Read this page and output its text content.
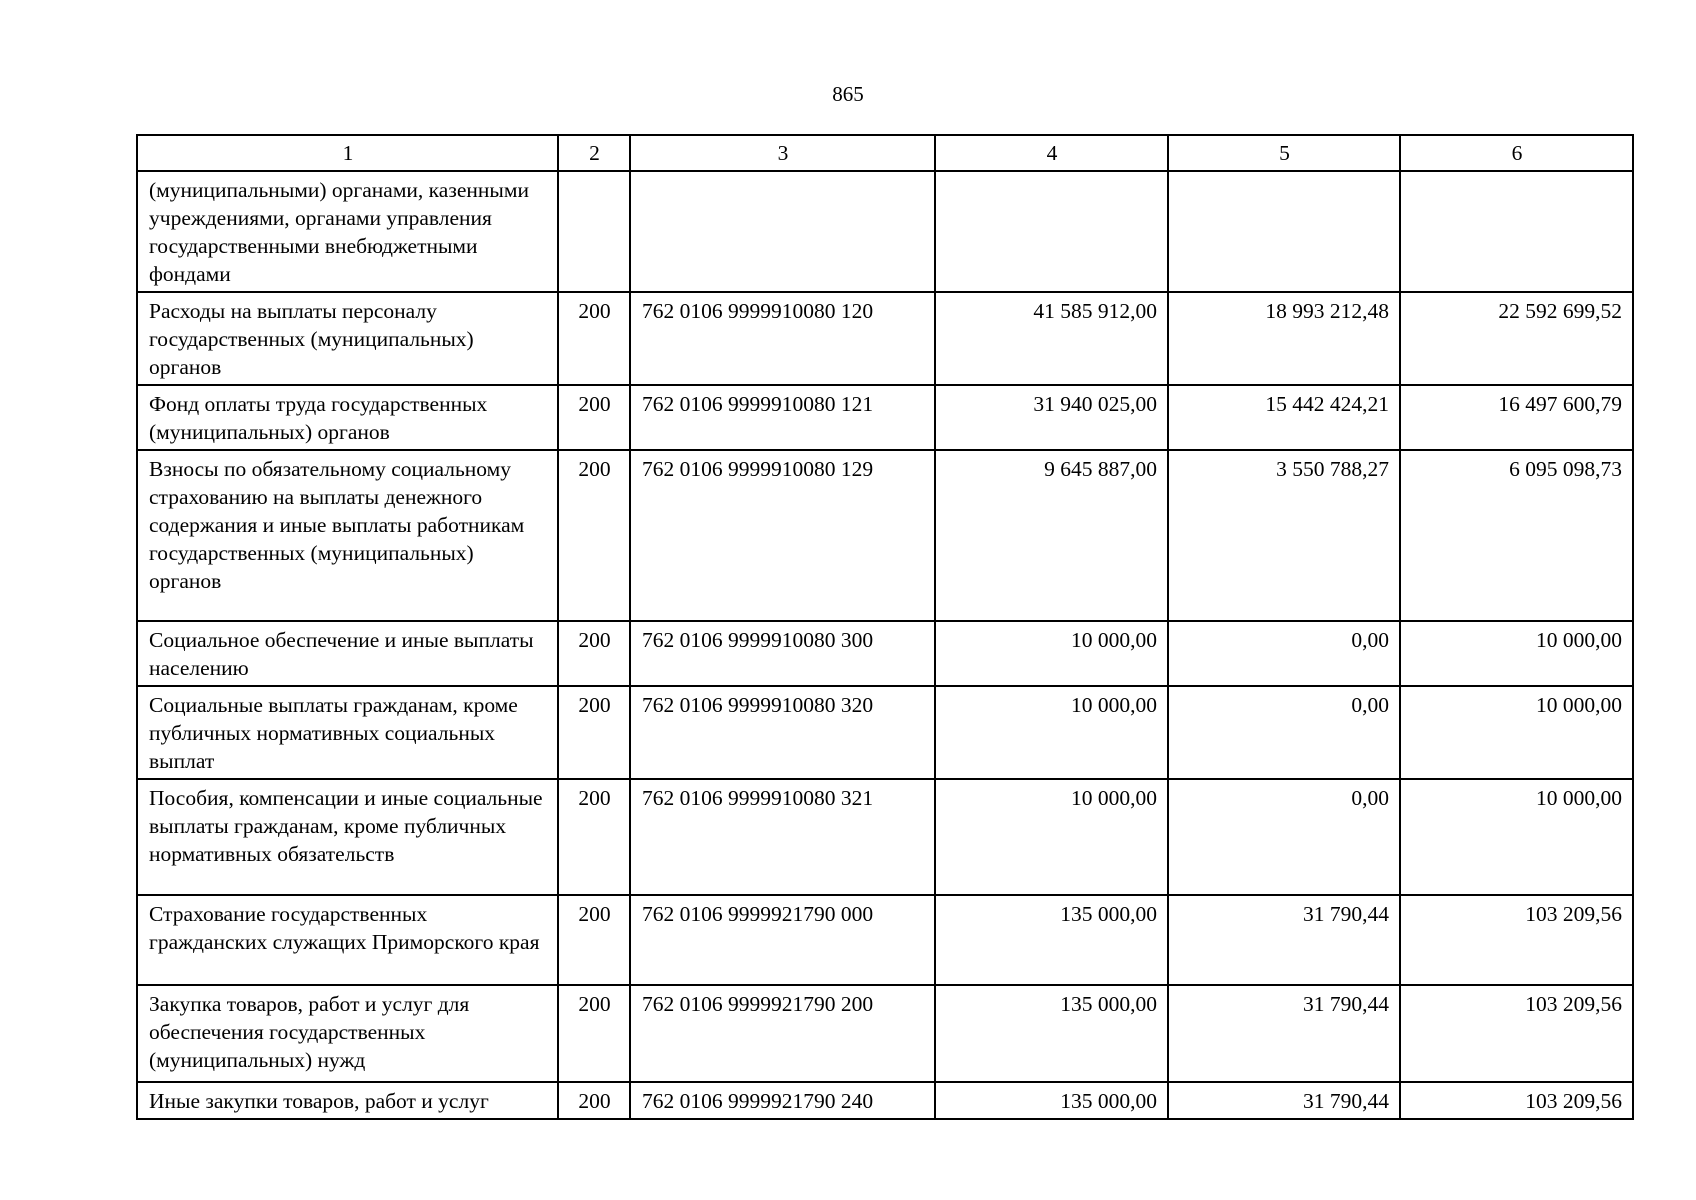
865
1	2	3	4	5	6
(муниципальными) органами, казенными учреждениями, органами управления государственными внебюджетными фондами					
Расходы на выплаты персоналу государственных (муниципальных) органов	200	762 0106 9999910080 120	41 585 912,00	18 993 212,48	22 592 699,52
Фонд оплаты труда государственных (муниципальных) органов	200	762 0106 9999910080 121	31 940 025,00	15 442 424,21	16 497 600,79
Взносы по обязательному социальному страхованию на выплаты денежного содержания и иные выплаты работникам государственных (муниципальных) органов	200	762 0106 9999910080 129	9 645 887,00	3 550 788,27	6 095 098,73
Социальное обеспечение и иные выплаты населению	200	762 0106 9999910080 300	10 000,00	0,00	10 000,00
Социальные выплаты гражданам, кроме публичных нормативных социальных выплат	200	762 0106 9999910080 320	10 000,00	0,00	10 000,00
Пособия, компенсации и иные социальные выплаты гражданам, кроме публичных нормативных обязательств	200	762 0106 9999910080 321	10 000,00	0,00	10 000,00
Страхование государственных гражданских служащих Приморского края	200	762 0106 9999921790 000	135 000,00	31 790,44	103 209,56
Закупка товаров, работ и услуг для обеспечения государственных (муниципальных) нужд	200	762 0106 9999921790 200	135 000,00	31 790,44	103 209,56
Иные закупки товаров, работ и услуг	200	762 0106 9999921790 240	135 000,00	31 790,44	103 209,56
